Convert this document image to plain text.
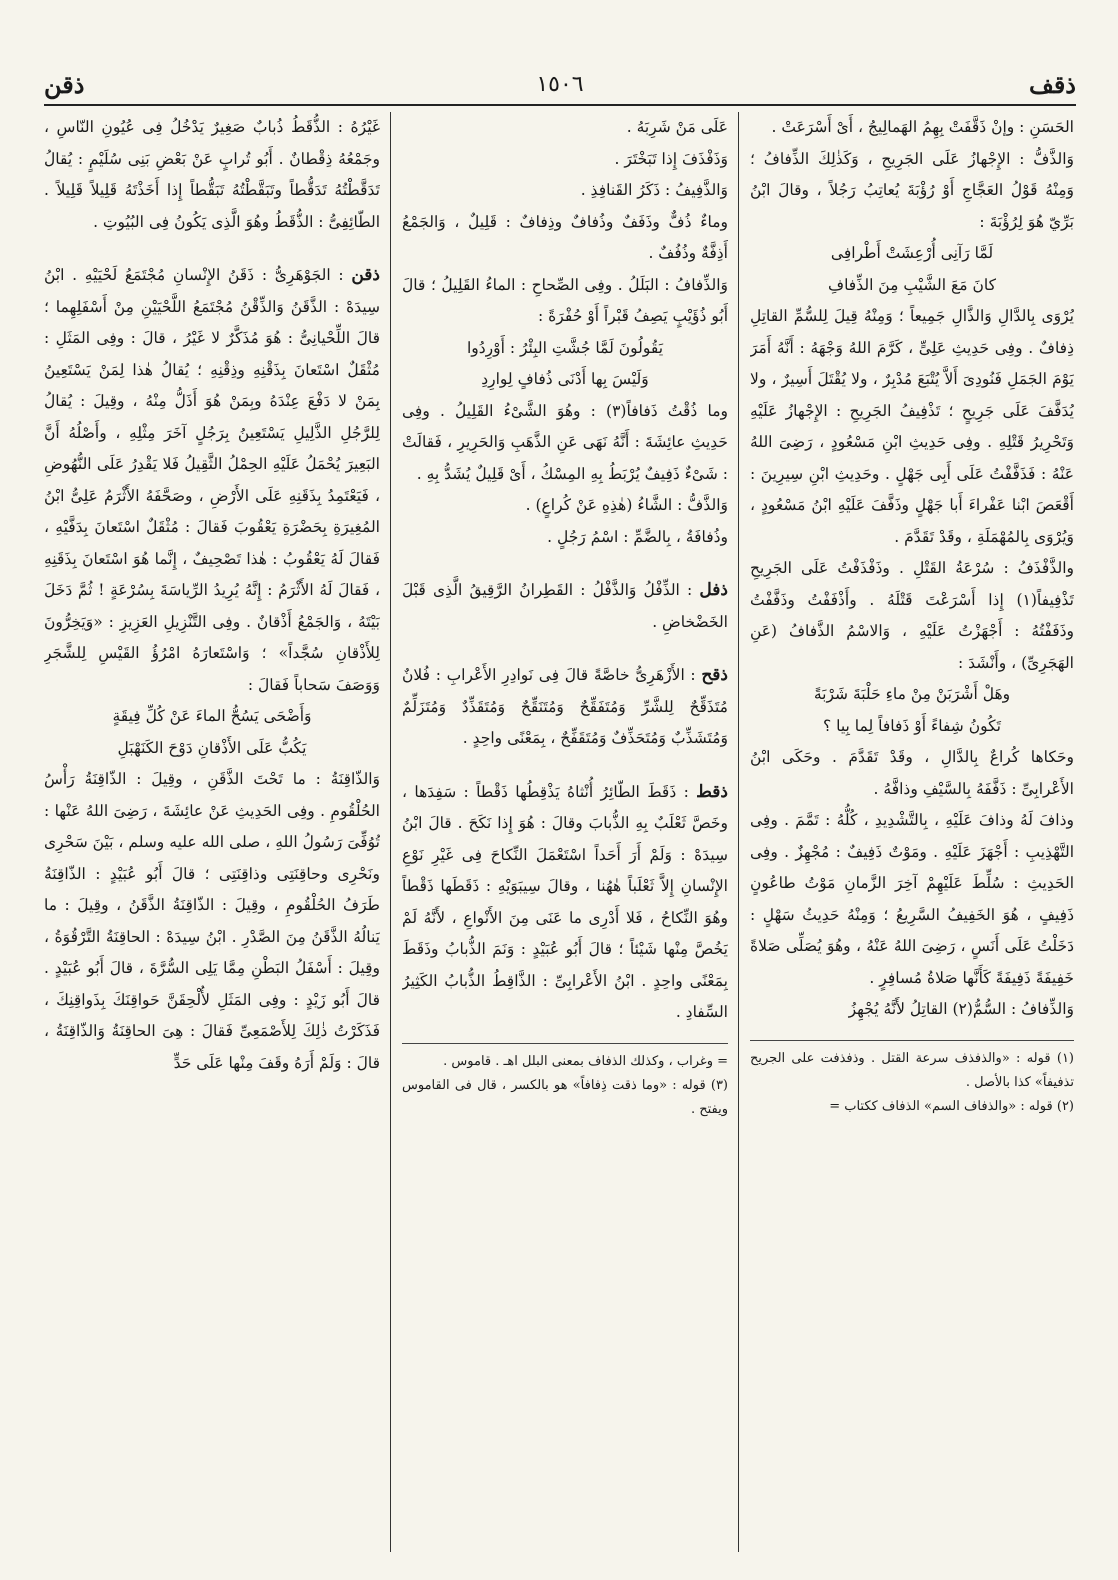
ذقف
١٥٠٦
ذقن

الحَسَنِ : وإنْ ذَقَّفَتْ بِهِمُ الهَمالِيجُ ، أَىْ أَسْرَعَتْ .

وَالذَّفُّ : الإِجْهازُ عَلَى الجَرِيحِ ، وَكَذٰلِكَ الذِّفافُ ؛ وَمِنْهُ قَوْلُ العَجَّاجِ أَوْ رُؤْبَةَ يُعاتِبُ رَجُلاً ، وقالَ ابْنُ بَرِّيّ هُوَ لِرُؤْبَةَ :

لَمَّا رَآنِى أُرْعِشَتْ أَطْرافِى

كانَ مَعَ الشَّيْبِ مِنَ الذِّفافِ

يُرْوَى بِالدَّالِ وَالذَّالِ جَمِيعاً ؛ وَمِنْهُ قِيلَ لِلسُّمِّ القاتِلِ ذِفافٌ . وفِى حَدِيثِ عَلِىٍّ ، كَرَّمَ اللهُ وَجْهَهُ : أَنَّهُ أَمَرَ يَوْمَ الجَمَلِ فَنُودِىَ أَلاَّ يُتْبَعَ مُدْبِرٌ ، ولا يُقْتَلَ أَسِيرٌ ، ولا يُدَفَّفَ عَلَى جَرِيحٍ ؛ تَذْفِيفُ الجَرِيحِ : الإِجْهازُ عَلَيْهِ وَتَحْرِيرُ قَتْلِهِ . وفِى حَدِيثِ ابْنِ مَسْعُودٍ ، رَضِىَ اللهُ عَنْهُ : فَذَفَّفْتُ عَلَى أَبِى جَهْلٍ . وحَدِيثِ ابْنِ سِيرِينَ : أَقْعَصَ ابْنا عَفْراءَ أَبا جَهْلٍ وذَفَّفَ عَلَيْهِ ابْنُ مَسْعُودٍ ، وَيُرْوَى بِالمُهْمَلَةِ ، وقَدْ تَقَدَّمَ .

والذَّفْذَفُ : سُرْعَةُ القَتْلِ . وذَفْذَفْتُ عَلَى الجَرِيحِ تَذْفِيفاً(١) إِذا أَسْرَعْتَ قَتْلَهُ . وأَذْفَفْتُ وذَفَّفْتُ وذَفَفْتُهُ : أَجْهَزْتُ عَلَيْهِ ، وَالاسْمُ الذَّفافُ (عَنِ الهَجَرِىِّ) ، وأَنْشَدَ :

وهَلْ أَشْرَبَنْ مِنْ ماءِ حَلْبَةَ شَرْبَةً

تَكُونُ شِفاءً أَوْ ذَفافاً لِما بِيا ؟

وحَكاها كُراعٌ بِالدَّالِ ، وقَدْ تَقَدَّمَ . وحَكَى ابْنُ الأَعْرابِىِّ : ذَفَّفَهُ بِالسَّيْفِ وذافَّهُ .

وذافَ لَهُ وذافَ عَلَيْهِ ، بِالتَّشْدِيدِ ، كُلُّهُ : تَمَّمَ . وفِى التَّهْذِيبِ : أَجْهَزَ عَلَيْهِ . ومَوْتٌ ذَفِيفٌ : مُجْهِزٌ . وفِى الحَدِيثِ : سُلِّطَ عَلَيْهِمْ آخِرَ الزَّمانِ مَوْتُ طاعُونٍ ذَفِيفٍ ، هُوَ الخَفِيفُ السَّرِيعُ ؛ وَمِنْهُ حَدِيثُ سَهْلٍ : دَخَلْتُ عَلَى أَنَسٍ ، رَضِىَ اللهُ عَنْهُ ، وهُوَ يُصَلِّى صَلاةً خَفِيفَةً ذَفِيفَةً كَأَنَّها صَلاةُ مُسافِرٍ .

وَالذِّفافُ : السُّمُّ(٢) القاتِلُ لأَنَّهُ يُجْهِزُ

(١) قوله : «والذفذف سرعة القتل . وذفذفت على الجريح تذفيفاً» كذا بالأصل .

(٢) قوله : «والذفاف السم» الذفاف ككتاب =

عَلَى مَنْ شَرِبَهُ .

وَذَفْذَفَ إِذا تَبَخْتَرَ .

وَالذَّفِيفُ : ذَكَرُ القَنافِذِ .

وماءٌ ذُفٌّ وذَفَفٌ وذُفافٌ وذِفافٌ : قَلِيلٌ ، وَالجَمْعُ أَذِفَّةٌ وذُفُفٌ .

وَالذِّفافُ : البَلَلُ . وفِى الصِّحاحِ : الماءُ القَلِيلُ ؛ قالَ أَبُو ذُؤَيْبٍ يَصِفُ قَبْراً أَوْ حُفْرَةً :

يَقُولُونَ لَمَّا جُشَّتِ البِئْرُ : أَوْرِدُوا

وَلَيْسَ بِها أَدْنَى ذُفافٍ لِوارِدِ

وما ذُقْتُ ذَفافاً(٣) : وهُوَ الشَّىْءُ القَلِيلُ . وفِى حَدِيثِ عائِشَةَ : أَنَّهُ نَهَى عَنِ الذَّهَبِ وَالحَرِيرِ ، فَقالَتْ : شَىْءٌ ذَفِيفٌ يُرْبَطُ بِهِ المِسْكُ ، أَىْ قَلِيلٌ يُشَدُّ بِهِ .

وَالذَّفُّ : الشَّاءُ (هٰذِهِ عَنْ كُراعٍ) .

وذُفافَةُ ، بِالضَّمِّ : اسْمُ رَجُلٍ .

ذفل : الذِّفْلُ وَالذَّفْلُ : القَطِرانُ الرَّقِيقُ الَّذِى قَبْلَ الخَضْخاضِ .

ذقح : الأَزْهَرِىُّ خاصَّةً قالَ فِى نَوادِرِ الأَعْرابِ : فُلانٌ مُتَذَقِّحٌ لِلشَّرِّ وَمُتَفَقِّحٌ وَمُتَنَقِّحٌ وَمُتَقَذِّدٌ وَمُتَزَلِّمٌ وَمُتَشَذِّبٌ وَمُتَحَذِّفٌ وَمُتَقَفِّحٌ ، بِمَعْنًى واحِدٍ .

ذقط : ذَقَطَ الطّائِرُ أُنْثاهُ يَذْقِطُها ذَقْطاً : سَفِدَها ، وخَصَّ ثَعْلَبٌ بِهِ الذُّبابَ وقالَ : هُوَ إِذا نَكَحَ . قالَ ابْنُ سِيدَهْ : وَلَمْ أَرَ أَحَداً اسْتَعْمَلَ النِّكاحَ فِى غَيْرِ نَوْعِ الإِنْسانِ إِلاَّ ثَعْلَباً هٰهُنا ، وقالَ سِيبَوَيْهِ : ذَقَطَها ذَقْطاً وهُوَ النِّكاحُ ، فَلا أَدْرِى ما عَنَى مِنَ الأَنْواعِ ، لأَنَّهُ لَمْ يَخُصَّ مِنْها شَيْئاً ؛ قالَ أَبُو عُبَيْدٍ : وَنَمَ الذُّبابُ وذَقَطَ بِمَعْنًى واحِدٍ . ابْنُ الأَعْرابِىِّ : الذَّاقِطُ الذُّبابُ الكَثِيرُ السِّفادِ .

= وغراب ، وكذلك الذفاف بمعنى البلل اهـ . قاموس .

(٣) قوله : «وما ذقت ذِفافاً» هو بالكسر ، قال فى القاموس ويفتح .

غَيْرُهُ : الذُّقَطُ ذُبابٌ صَغِيرٌ يَدْخُلُ فِى عُيُونِ النّاسِ ، وجَمْعُهُ ذِقْطانٌ . أَبُو تُرابٍ عَنْ بَعْضِ بَنِى سُلَيْمٍ : يُقالُ تَدَقَّطْتُهُ تَدَقُّطاً وتَبَقَّطْتُهُ تَبَقُّطاً إِذا أَخَذْتَهُ قَلِيلاً قَلِيلاً . الطّائِفِىُّ : الذُّقَطُ وهُوَ الَّذِى يَكُونُ فِى البُيُوتِ .

ذقن : الجَوْهَرِىُّ : ذَقَنُ الإِنْسانِ مُجْتَمَعُ لَحْيَيْهِ . ابْنُ سِيدَهْ : الذَّقَنُ وَالذِّقْنُ مُجْتَمَعُ اللَّحْيَيْنِ مِنْ أَسْفَلِهِما ؛ قالَ اللِّحْيانِىُّ : هُوَ مُذَكَّرٌ لا غَيْرُ ، قالَ : وفِى المَثَلِ : مُثْقَلٌ اسْتَعانَ بِذَقْنِهِ وذِقْنِهِ ؛ يُقالُ هٰذا لِمَنْ يَسْتَعِينُ بِمَنْ لا دَفْعَ عِنْدَهُ وبِمَنْ هُوَ أَذَلُّ مِنْهُ ، وقِيلَ : يُقالُ لِلرَّجُلِ الذَّلِيلِ يَسْتَعِينُ بِرَجُلٍ آخَرَ مِثْلِهِ ، وأَصْلُهُ أَنَّ البَعِيرَ يُحْمَلُ عَلَيْهِ الحِمْلُ الثَّقِيلُ فَلا يَقْدِرُ عَلَى النُّهُوضِ ، فَيَعْتَمِدُ بِذَقَنِهِ عَلَى الأَرْضِ ، وصَحَّفَهُ الأَثْرَمُ عَلِىُّ ابْنُ المُغِيرَةِ بِحَضْرَةِ يَعْقُوبَ فَقالَ : مُثْقَلٌ اسْتَعانَ بِدَفَّيْهِ ، فَقالَ لَهُ يَعْقُوبُ : هٰذا تَصْحِيفٌ ، إِنَّما هُوَ اسْتَعانَ بِذَقَنِهِ ، فَقالَ لَهُ الأَثْرَمُ : إِنَّهُ يُرِيدُ الرِّياسَةَ بِسُرْعَةٍ ! ثُمَّ دَخَلَ بَيْتَهُ ، وَالجَمْعُ أَذْقانٌ . وفِى التَّنْزِيلِ العَزِيزِ : «وَيَخِرُّونَ لِلأَذْقانِ سُجَّداً» ؛ وَاسْتَعارَهُ امْرُؤُ القَيْسِ لِلشَّجَرِ وَوَصَفَ سَحاباً فَقالَ :

وَأَضْحَى يَسُحُّ الماءَ عَنْ كُلِّ فِيقَةٍ

يَكُبُّ عَلَى الأَذْقانِ دَوْحَ الكَنَهْبَلِ

وَالذّاقِنَةُ : ما تَحْتَ الذَّقَنِ ، وقِيلَ : الذّاقِنَةُ رَأْسُ الحُلْقُومِ . وفِى الحَدِيثِ عَنْ عائِشَةَ ، رَضِىَ اللهُ عَنْها : تُوُفِّىَ رَسُولُ اللهِ ، صلى الله عليه وسلم ، بَيْنَ سَحْرِى ونَحْرِى وحاقِنَتِى وذاقِنَتِى ؛ قالَ أَبُو عُبَيْدٍ : الذّاقِنَةُ طَرَفُ الحُلْقُومِ ، وقِيلَ : الذّاقِنَةُ الذَّقَنُ ، وقِيلَ : ما يَنالُهُ الذَّقَنُ مِنَ الصَّدْرِ . ابْنُ سِيدَهْ : الحاقِنَةُ التَّرْقُوَةُ ، وقِيلَ : أَسْفَلُ البَطْنِ مِمَّا يَلِى السُّرَّةَ ، قالَ أَبُو عُبَيْدٍ . قالَ أَبُو زَيْدٍ : وفِى المَثَلِ لأُلْحِقَنَّ حَواقِنَكَ بِذَواقِنِكَ ، فَذَكَرْتُ ذٰلِكَ لِلأَصْمَعِىِّ فَقالَ : هِىَ الحاقِنَةُ وَالذّاقِنَةُ ، قالَ : وَلَمْ أَرَهُ وقَفَ مِنْها عَلَى حَدٍّ
